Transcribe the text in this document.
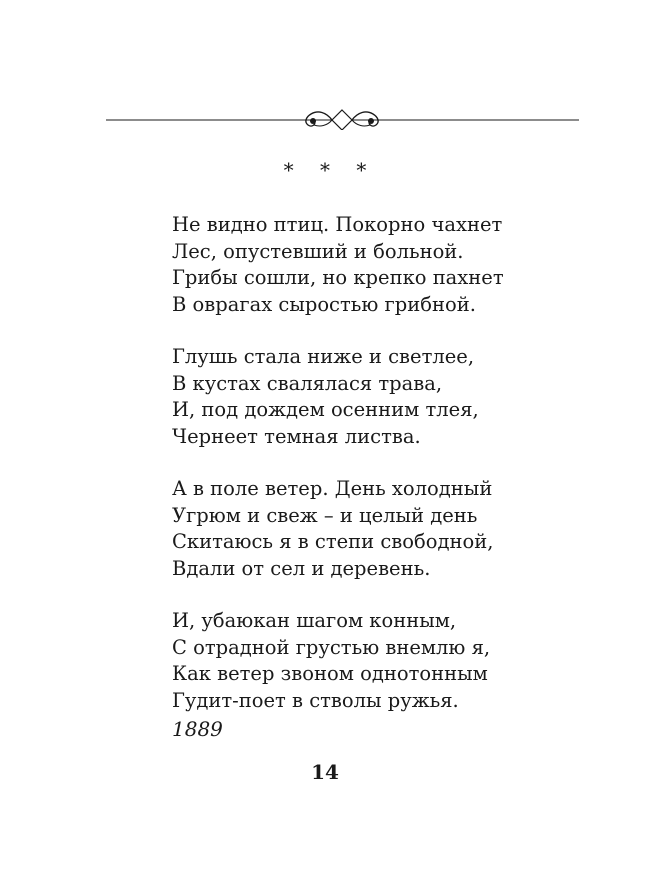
* * *
Не видно птиц. Покорно чахнет
Лес, опустевший и больной.
Грибы сошли, но крепко пахнет
В оврагах сыростью грибной.
Глушь стала ниже и светлее,
В кустах свалялася трава,
И, под дождем осенним тлея,
Чернеет темная листва.
А в поле ветер. День холодный
Угрюм и свеж – и целый день
Скитаюсь я в степи свободной,
Вдали от сел и деревень.
И, убаюкан шагом конным,
С отрадной грустью внемлю я,
Как ветер звоном однотонным
Гудит-поет в стволы ружья.
1889
14
